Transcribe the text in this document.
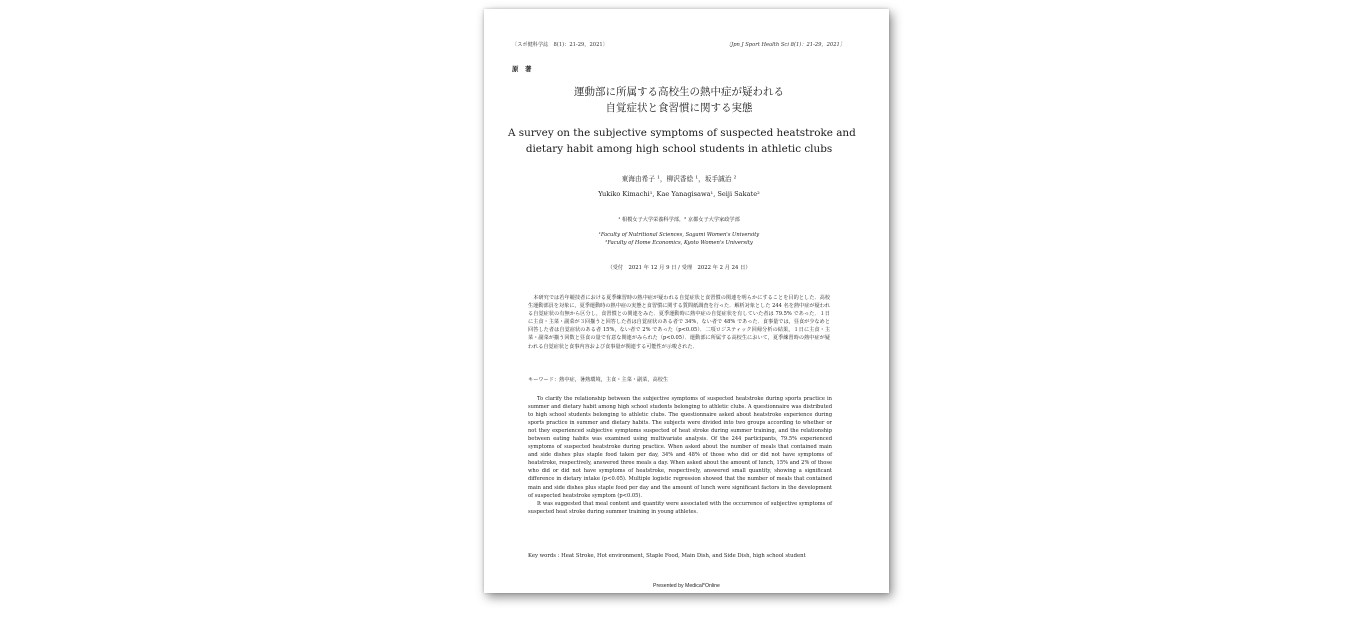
〔スポ健科学誌　8(1)：21-29，2021〕	〔Jpn J Sport Health Sci 8(1)：21-29，2021〕
原　著
運動部に所属する高校生の熱中症が疑われる
自覚症状と食習慣に関する実態
A survey on the subjective symptoms of suspected heatstroke and
dietary habit among high school students in athletic clubs
東海由希子 ¹，柳沢香絵 ¹，坂手誠治 ²
Yukiko Kimachi¹, Kae Yanagisawa¹, Seiji Sakate²
¹ 相模女子大学栄養科学部，² 京都女子大学家政学部
¹Faculty of Nutritional Sciences, Sagami Women's University
²Faculty of Home Economics, Kyoto Women's University
（受付　2021 年 12 月 9 日 / 受理　2022 年 2 月 24 日）

　本研究では若年競技者における夏季練習時の熱中症が疑われる自覚症状と食習慣の関連を明らかにすることを目的とした．高校生運動部員を対象に，夏季運動時の熱中症の実態と食習慣に関する質問紙調査を行った．解析対象とした 244 名を熱中症が疑われる自覚症状の有無から区分し，食習慣との関連をみた．夏季運動時に熱中症の自覚症状を有していた者は 79.5% であった．１日に主食・主菜・副菜が３回揃うと回答した者は自覚症状のある者で 34%，ない者で 48% であった．食事量では，昼食が少なめと回答した者は自覚症状のある者 15%，ない者で 2% であった（p<0.05）．二項ロジスティック回帰分析の結果，１日に主食・主菜・副菜が揃う回数と昼食の量で有意な関連がみられた（p<0.05）．運動部に所属する高校生において，夏季練習時の熱中症が疑われる自覚症状と食事内容および食事量が関連する可能性が示唆された．

キーワード：熱中症，暑熱環境，主食・主菜・副菜，高校生

To clarify the relationship between the subjective symptoms of suspected heatstroke during sports practice in summer and dietary habit among high school students belonging to athletic clubs. A questionnaire was distributed to high school students belonging to athletic clubs. The questionnaire asked about heatstroke experience during sports practice in summer and dietary habits. The subjects were divided into two groups according to whether or not they experienced subjective symptoms suspected of heat stroke during summer training, and the relationship between eating habits was examined using multivariate analysis. Of the 244 participants, 79.5% experienced symptoms of suspected heatstroke during practice. When asked about the number of meals that contained main and side dishes plus staple food taken per day, 34% and 48% of those who did or did not have symptoms of heatstroke, respectively, answered three meals a day. When asked about the amount of lunch, 15% and 2% of those who did or did not have symptoms of heatstroke, respectively, answered small quantity, showing a significant difference in dietary intake (p<0.05). Multiple logistic regression showed that the number of meals that contained main and side dishes plus staple food per day and the amount of lunch were significant factors in the development of suspected heatstroke symptom (p<0.05).

It was suggested that meal content and quantity were associated with the occurrence of subjective symptoms of suspected heat stroke during summer training in young athletes.

Key words : Heat Stroke, Hot environment, Staple Food, Main Dish, and Side Dish, high school student
Presented by Medical*Online
